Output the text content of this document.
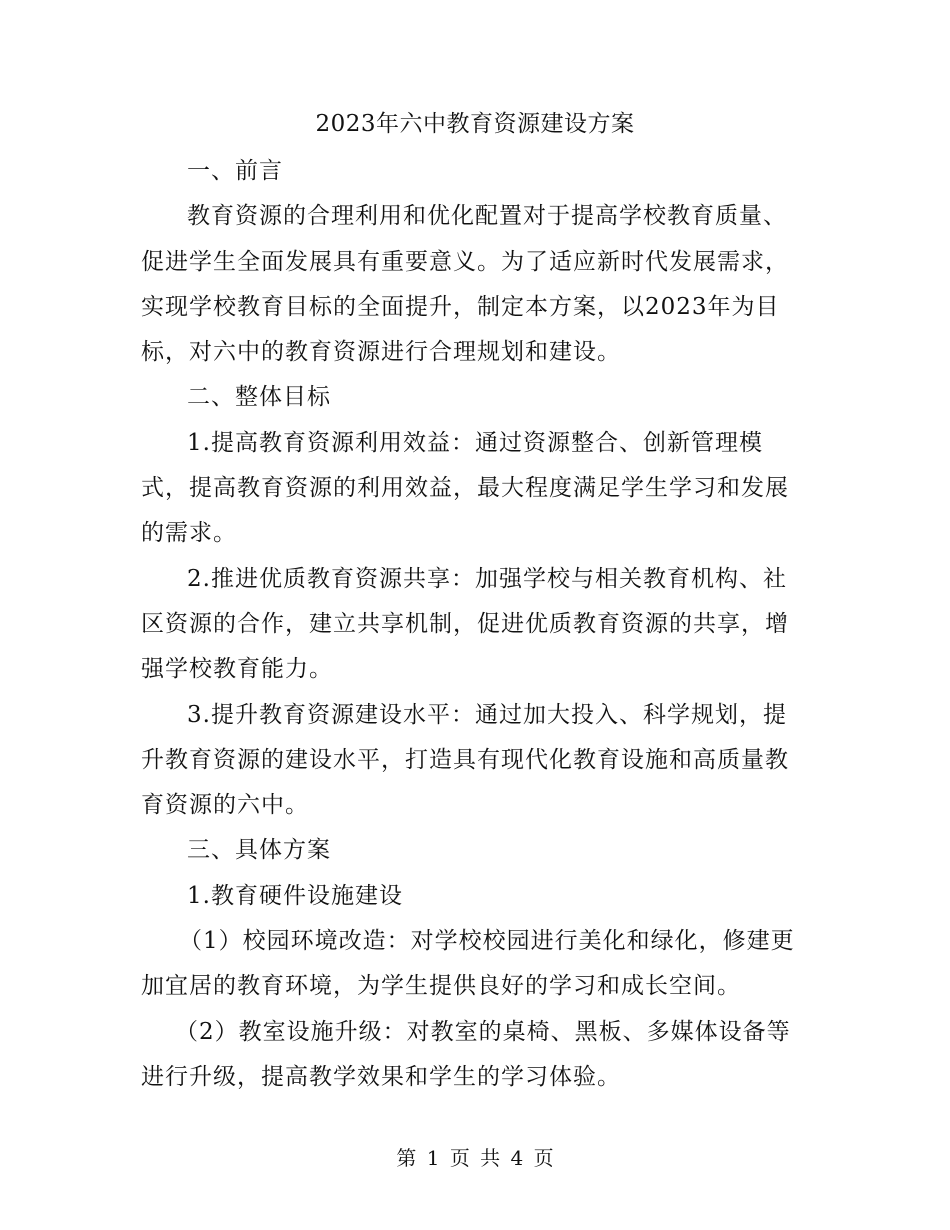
2023年六中教育资源建设方案

一、前言

教育资源的合理利用和优化配置对于提高学校教育质量、促进学生全面发展具有重要意义。为了适应新时代发展需求，实现学校教育目标的全面提升，制定本方案，以2023年为目标，对六中的教育资源进行合理规划和建设。

二、整体目标

1.提高教育资源利用效益：通过资源整合、创新管理模式，提高教育资源的利用效益，最大程度满足学生学习和发展的需求。

2.推进优质教育资源共享：加强学校与相关教育机构、社区资源的合作，建立共享机制，促进优质教育资源的共享，增强学校教育能力。

3.提升教育资源建设水平：通过加大投入、科学规划，提升教育资源的建设水平，打造具有现代化教育设施和高质量教育资源的六中。

三、具体方案

1.教育硬件设施建设

（1）校园环境改造：对学校校园进行美化和绿化，修建更加宜居的教育环境，为学生提供良好的学习和成长空间。

（2）教室设施升级：对教室的桌椅、黑板、多媒体设备等进行升级，提高教学效果和学生的学习体验。

第 1 页 共 4 页
